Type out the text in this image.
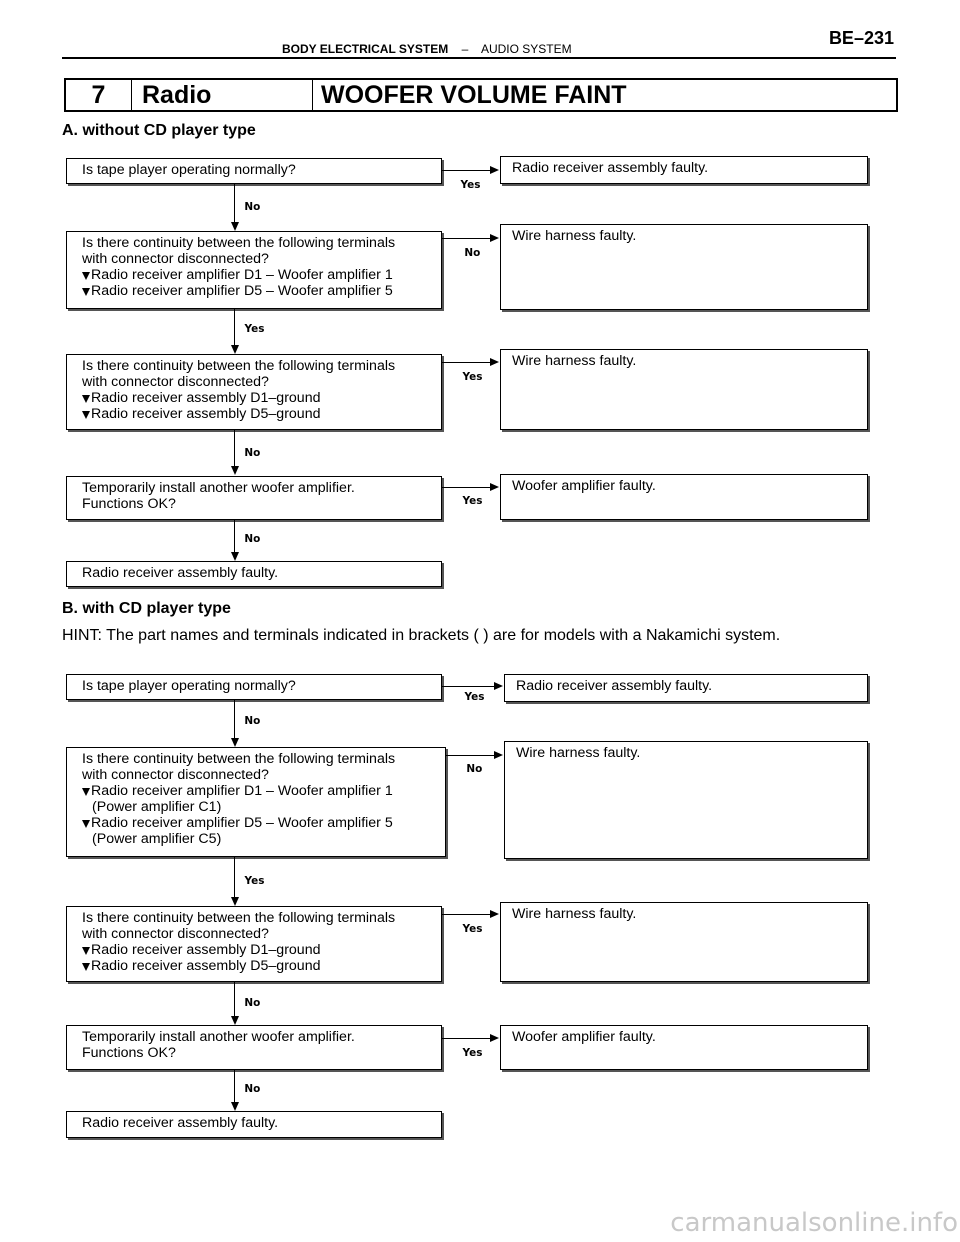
BODY ELECTRICAL SYSTEM – AUDIO SYSTEM
BE–231
7	Radio	WOOFER VOLUME FAINT
A. without CD player type
Is tape player operating normally?	Radio receiver assembly faulty.
Yes
No
Is there continuity between the following terminals
with connector disconnected?
Radio receiver amplifier D1 – Woofer amplifier 1
Radio receiver amplifier D5 – Woofer amplifier 5
Wire harness faulty.
No
Yes
Is there continuity between the following terminals
with connector disconnected?
Radio receiver assembly D1–ground
Radio receiver assembly D5–ground
Wire harness faulty.
Yes
No
Temporarily install another woofer amplifier.
Functions OK?
Woofer amplifier faulty.
Yes
No
Radio receiver assembly faulty.
B. with CD player type
HINT: The part names and terminals indicated in brackets ( ) are for models with a Nakamichi system.
Is tape player operating normally?	Radio receiver assembly faulty.
Yes
No
Is there continuity between the following terminals
with connector disconnected?
Radio receiver amplifier D1 – Woofer amplifier 1
(Power amplifier C1)
Radio receiver amplifier D5 – Woofer amplifier 5
(Power amplifier C5)
Wire harness faulty.
No
Yes
Is there continuity between the following terminals
with connector disconnected?
Radio receiver assembly D1–ground
Radio receiver assembly D5–ground
Wire harness faulty.
Yes
No
Temporarily install another woofer amplifier.
Functions OK?
Woofer amplifier faulty.
Yes
No
Radio receiver assembly faulty.
carmanualsonline.info
